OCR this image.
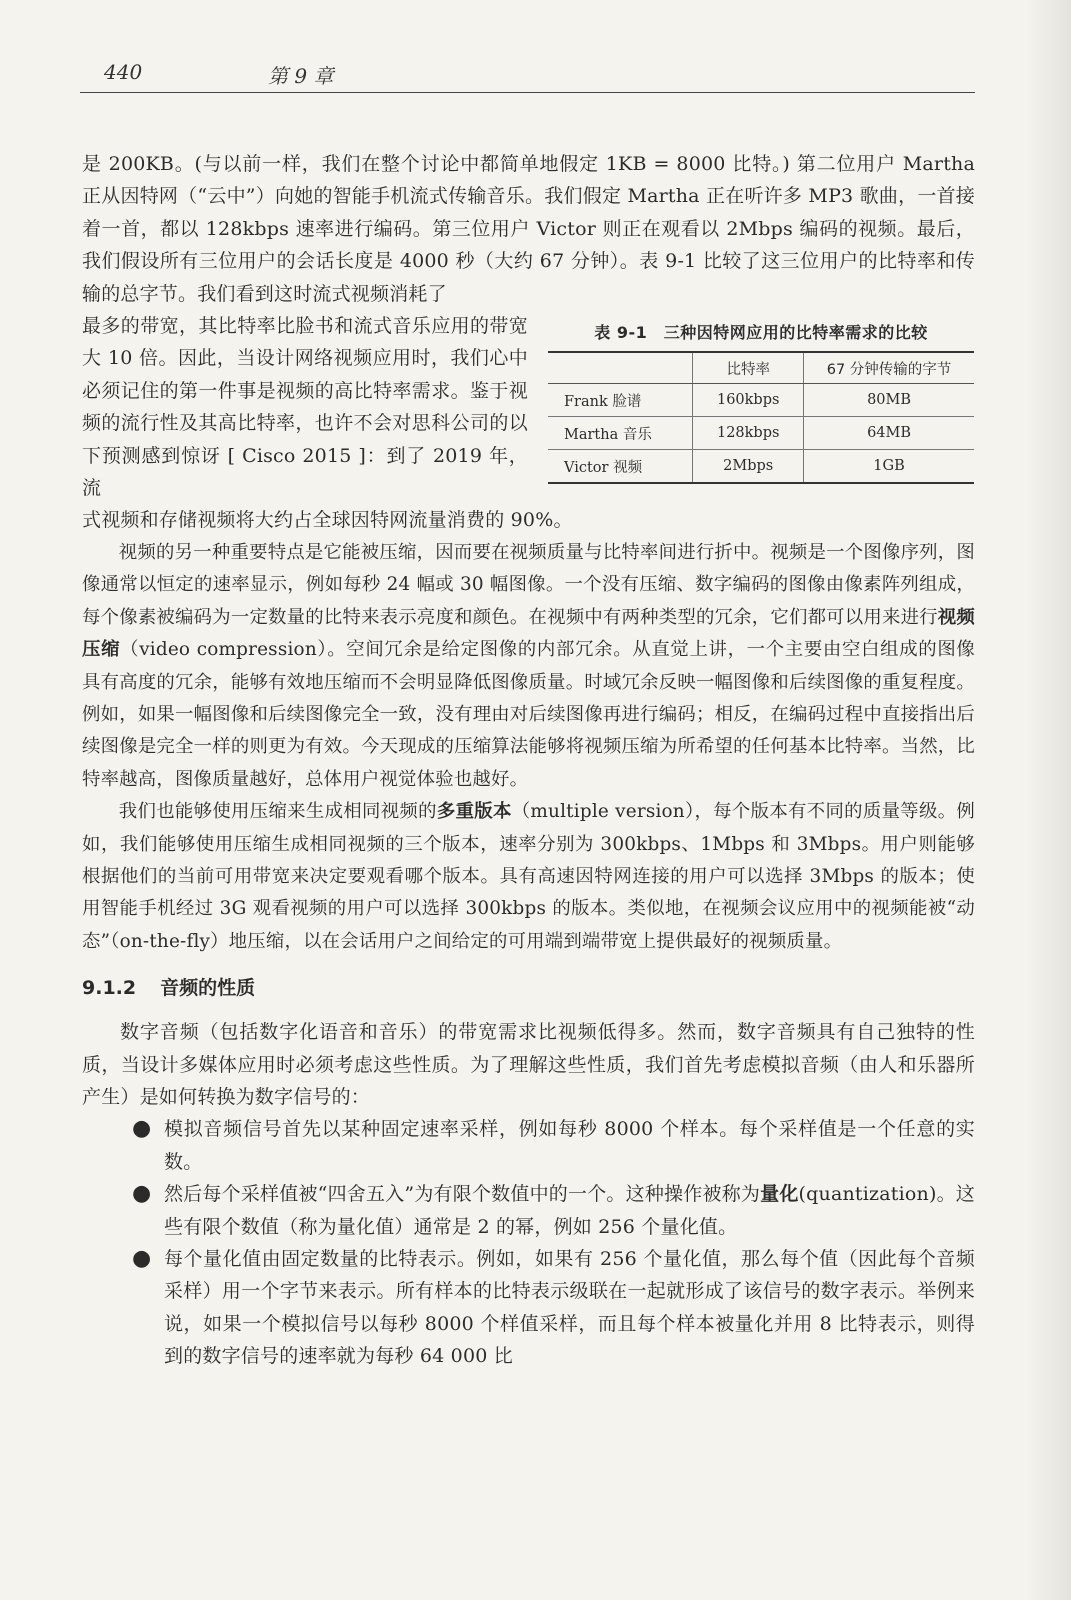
440	第 9 章

是 200KB。(与以前一样，我们在整个讨论中都简单地假定 1KB = 8000 比特。) 第二位用户 Martha 正从因特网（“云中”）向她的智能手机流式传输音乐。我们假定 Martha 正在听许多 MP3 歌曲，一首接着一首，都以 128kbps 速率进行编码。第三位用户 Victor 则正在观看以 2Mbps 编码的视频。最后，我们假设所有三位用户的会话长度是 4000 秒（大约 67 分钟）。表 9-1 比较了这三位用户的比特率和传输的总字节。我们看到这时流式视频消耗了

最多的带宽，其比特率比脸书和流式音乐应用的带宽大 10 倍。因此，当设计网络视频应用时，我们心中必须记住的第一件事是视频的高比特率需求。鉴于视频的流行性及其高比特率，也许不会对思科公司的以下预测感到惊讶 [ Cisco 2015 ]：到了 2019 年，流

表 9-1　三种因特网应用的比特率需求的比较
	比特率	67 分钟传输的字节
Frank 脸谱	160kbps	80MB
Martha 音乐	128kbps	64MB
Victor 视频	2Mbps	1GB

式视频和存储视频将大约占全球因特网流量消费的 90%。

视频的另一种重要特点是它能被压缩，因而要在视频质量与比特率间进行折中。视频是一个图像序列，图像通常以恒定的速率显示，例如每秒 24 幅或 30 幅图像。一个没有压缩、数字编码的图像由像素阵列组成，每个像素被编码为一定数量的比特来表示亮度和颜色。在视频中有两种类型的冗余，它们都可以用来进行视频压缩（video compression）。空间冗余是给定图像的内部冗余。从直觉上讲，一个主要由空白组成的图像具有高度的冗余，能够有效地压缩而不会明显降低图像质量。时域冗余反映一幅图像和后续图像的重复程度。例如，如果一幅图像和后续图像完全一致，没有理由对后续图像再进行编码；相反，在编码过程中直接指出后续图像是完全一样的则更为有效。今天现成的压缩算法能够将视频压缩为所希望的任何基本比特率。当然，比特率越高，图像质量越好，总体用户视觉体验也越好。

我们也能够使用压缩来生成相同视频的多重版本（multiple version），每个版本有不同的质量等级。例如，我们能够使用压缩生成相同视频的三个版本，速率分别为 300kbps、1Mbps 和 3Mbps。用户则能够根据他们的当前可用带宽来决定要观看哪个版本。具有高速因特网连接的用户可以选择 3Mbps 的版本；使用智能手机经过 3G 观看视频的用户可以选择 300kbps 的版本。类似地，在视频会议应用中的视频能被“动态”（on-the-fly）地压缩，以在会话用户之间给定的可用端到端带宽上提供最好的视频质量。

9.1.2 音频的性质

数字音频（包括数字化语音和音乐）的带宽需求比视频低得多。然而，数字音频具有自己独特的性质，当设计多媒体应用时必须考虑这些性质。为了理解这些性质，我们首先考虑模拟音频（由人和乐器所产生）是如何转换为数字信号的：

● 模拟音频信号首先以某种固定速率采样，例如每秒 8000 个样本。每个采样值是一个任意的实数。
● 然后每个采样值被“四舍五入”为有限个数值中的一个。这种操作被称为量化(quantization)。这些有限个数值（称为量化值）通常是 2 的幂，例如 256 个量化值。
● 每个量化值由固定数量的比特表示。例如，如果有 256 个量化值，那么每个值（因此每个音频采样）用一个字节来表示。所有样本的比特表示级联在一起就形成了该信号的数字表示。举例来说，如果一个模拟信号以每秒 8000 个样值采样，而且每个样本被量化并用 8 比特表示，则得到的数字信号的速率就为每秒 64 000 比
